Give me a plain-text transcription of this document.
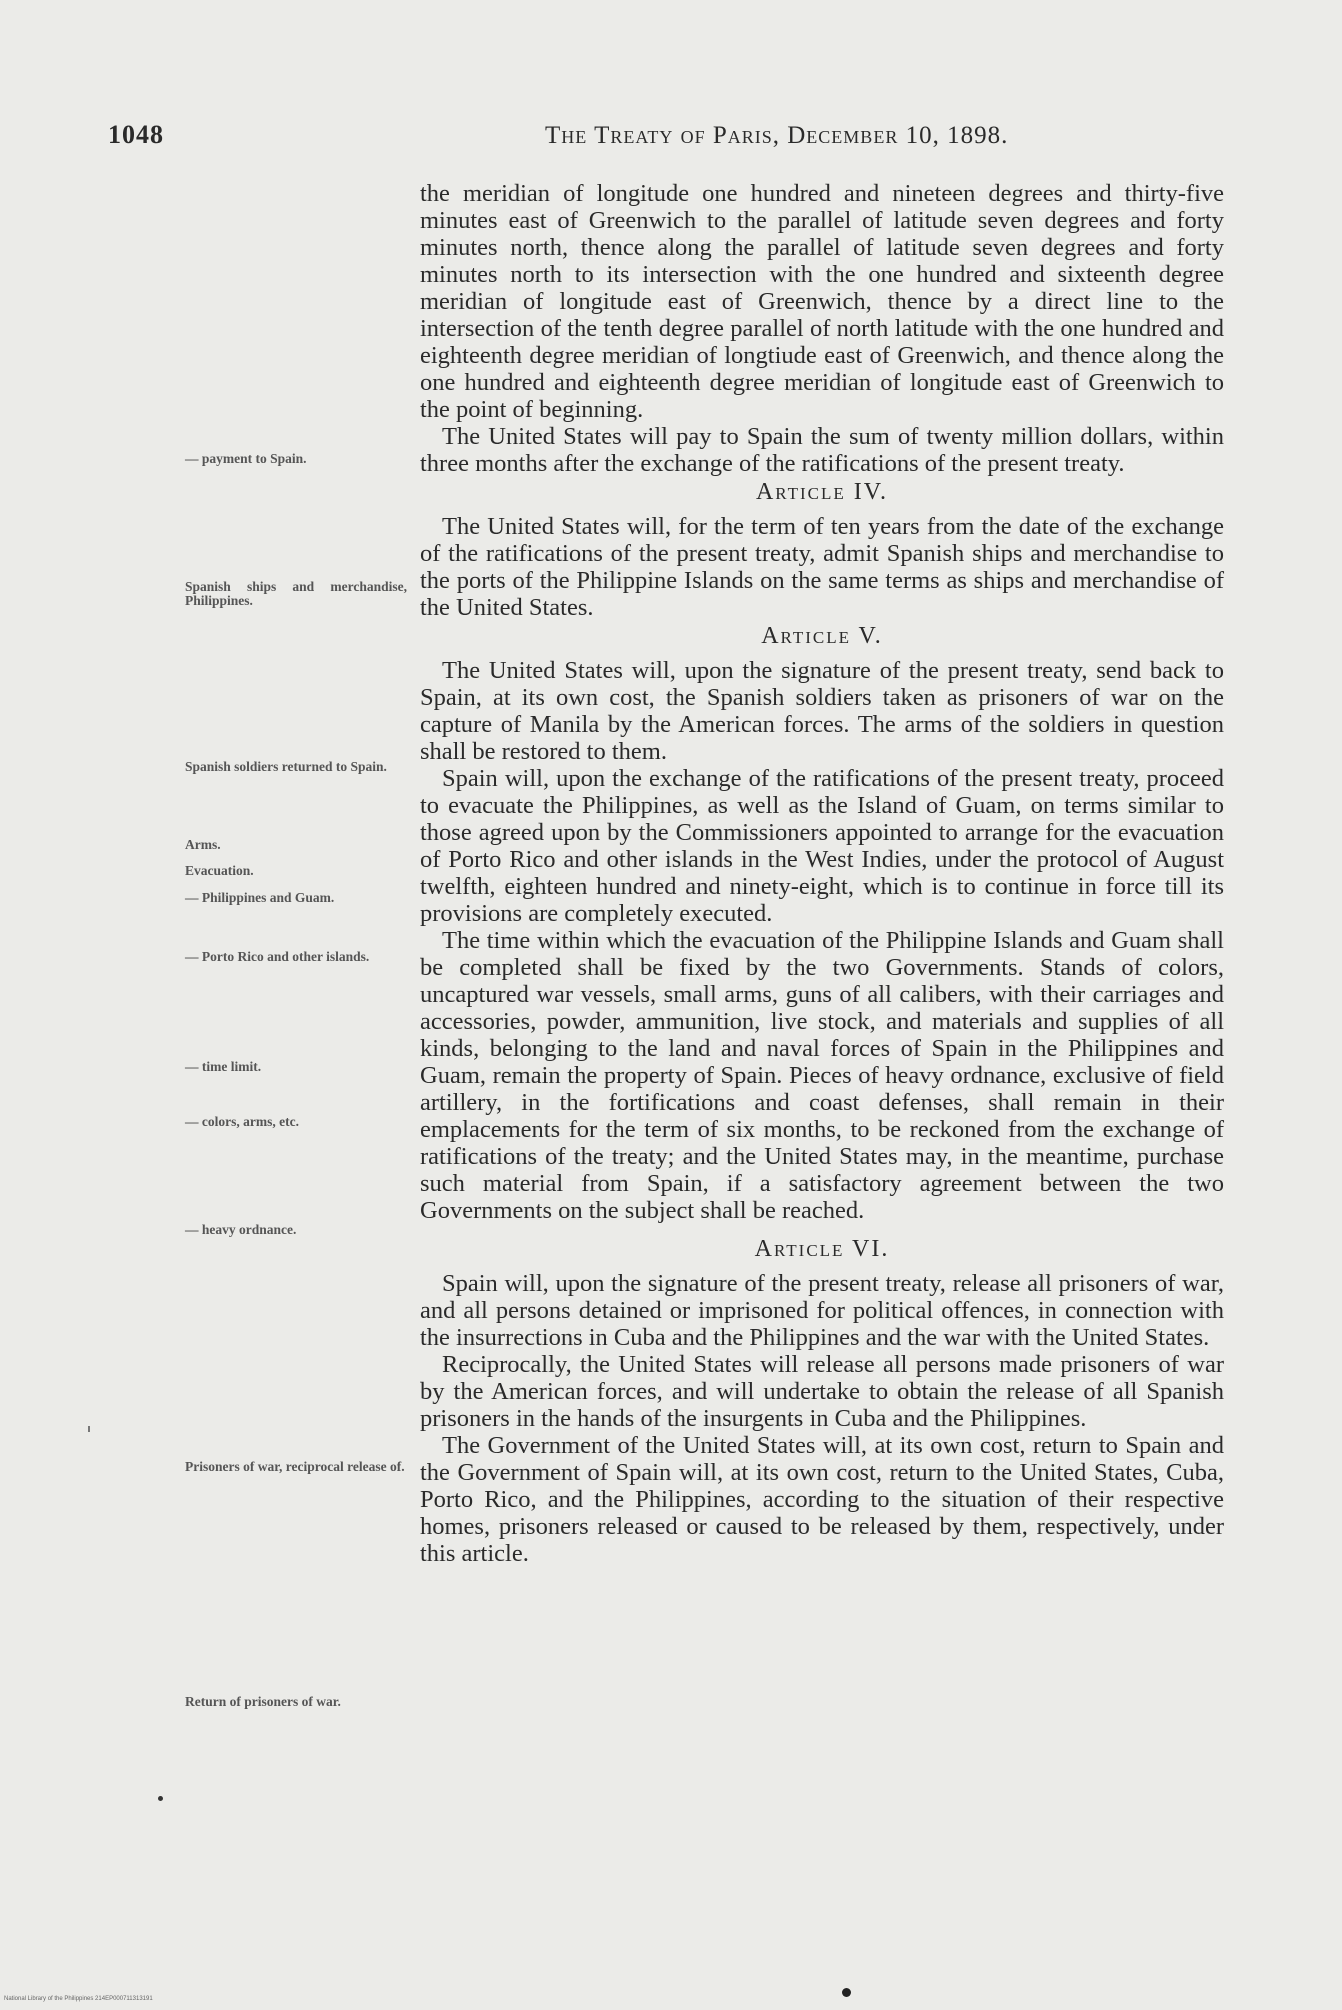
1048	The Treaty of Paris, December 10, 1898.

the meridian of longitude one hundred and nineteen degrees and thirty-five minutes east of Greenwich to the parallel of latitude seven degrees and forty minutes north, thence along the parallel of latitude seven degrees and forty minutes north to its intersection with the one hundred and sixteenth degree meridian of longitude east of Greenwich, thence by a direct line to the intersection of the tenth degree parallel of north latitude with the one hundred and eighteenth degree meridian of longtiude east of Greenwich, and thence along the one hundred and eighteenth degree meridian of longitude east of Greenwich to the point of beginning.

The United States will pay to Spain the sum of twenty million dollars, within three months after the exchange of the ratifications of the present treaty.

Article IV.

The United States will, for the term of ten years from the date of the exchange of the ratifications of the present treaty, admit Spanish ships and merchandise to the ports of the Philippine Islands on the same terms as ships and merchandise of the United States.

Article V.

The United States will, upon the signature of the present treaty, send back to Spain, at its own cost, the Spanish soldiers taken as prisoners of war on the capture of Manila by the American forces. The arms of the soldiers in question shall be restored to them.

Spain will, upon the exchange of the ratifications of the present treaty, proceed to evacuate the Philippines, as well as the Island of Guam, on terms similar to those agreed upon by the Commissioners appointed to arrange for the evacuation of Porto Rico and other islands in the West Indies, under the protocol of August twelfth, eighteen hundred and ninety-eight, which is to continue in force till its provisions are completely executed.

The time within which the evacuation of the Philippine Islands and Guam shall be completed shall be fixed by the two Governments. Stands of colors, uncaptured war vessels, small arms, guns of all calibers, with their carriages and accessories, powder, ammunition, live stock, and materials and supplies of all kinds, belonging to the land and naval forces of Spain in the Philippines and Guam, remain the property of Spain. Pieces of heavy ordnance, exclusive of field artillery, in the fortifications and coast defenses, shall remain in their emplacements for the term of six months, to be reckoned from the exchange of ratifications of the treaty; and the United States may, in the meantime, purchase such material from Spain, if a satisfactory agreement between the two Governments on the subject shall be reached.

Article VI.

Spain will, upon the signature of the present treaty, release all prisoners of war, and all persons detained or imprisoned for political offences, in connection with the insurrections in Cuba and the Philippines and the war with the United States.

Reciprocally, the United States will release all persons made prisoners of war by the American forces, and will undertake to obtain the release of all Spanish prisoners in the hands of the insurgents in Cuba and the Philippines.

The Government of the United States will, at its own cost, return to Spain and the Government of Spain will, at its own cost, return to the United States, Cuba, Porto Rico, and the Philippines, according to the situation of their respective homes, prisoners released or caused to be released by them, respectively, under this article.

— payment to Spain.
Spanish ships and merchandise, Philippines.
Spanish soldiers returned to Spain.
Arms.
Evacuation.
— Philippines and Guam.
— Porto Rico and other islands.
— time limit.
— colors, arms, etc.
— heavy ordnance.
Prisoners of war, reciprocal release of.
Return of prisoners of war.
National Library of the Philippines 214EP000711313191
